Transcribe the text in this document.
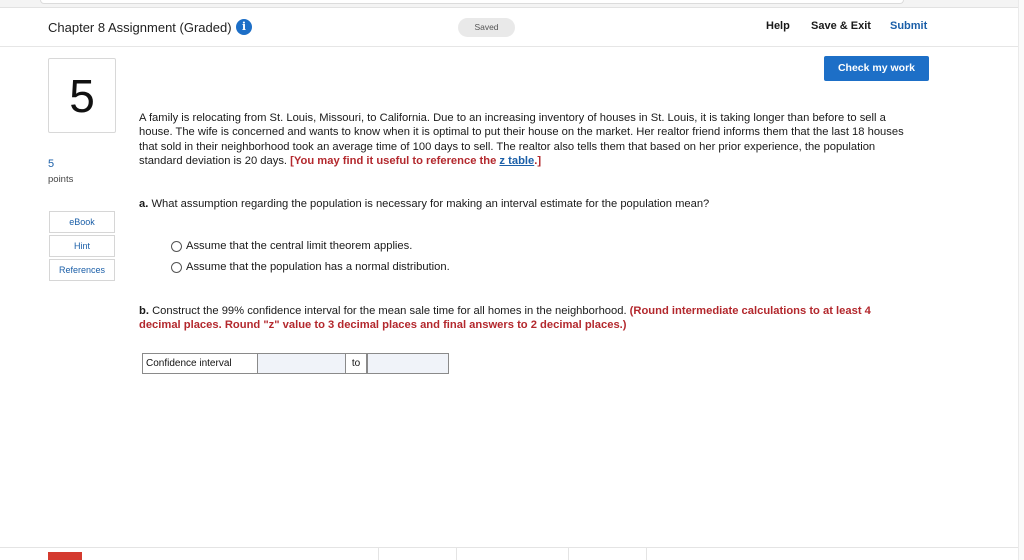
Chapter 8 Assignment (Graded) i	Saved	Help Save & Exit Submit
Check my work
5
5
points
eBook
Hint
References
A family is relocating from St. Louis, Missouri, to California. Due to an increasing inventory of houses in St. Louis, it is taking longer than before to sell a house. The wife is concerned and wants to know when it is optimal to put their house on the market. Her realtor friend informs them that the last 18 houses that sold in their neighborhood took an average time of 100 days to sell. The realtor also tells them that based on her prior experience, the population standard deviation is 20 days. [You may find it useful to reference the z table.]
a. What assumption regarding the population is necessary for making an interval estimate for the population mean?
Assume that the central limit theorem applies.
Assume that the population has a normal distribution.
b. Construct the 99% confidence interval for the mean sale time for all homes in the neighborhood. (Round intermediate calculations to at least 4 decimal places. Round "z" value to 3 decimal places and final answers to 2 decimal places.)
Confidence interval	to
